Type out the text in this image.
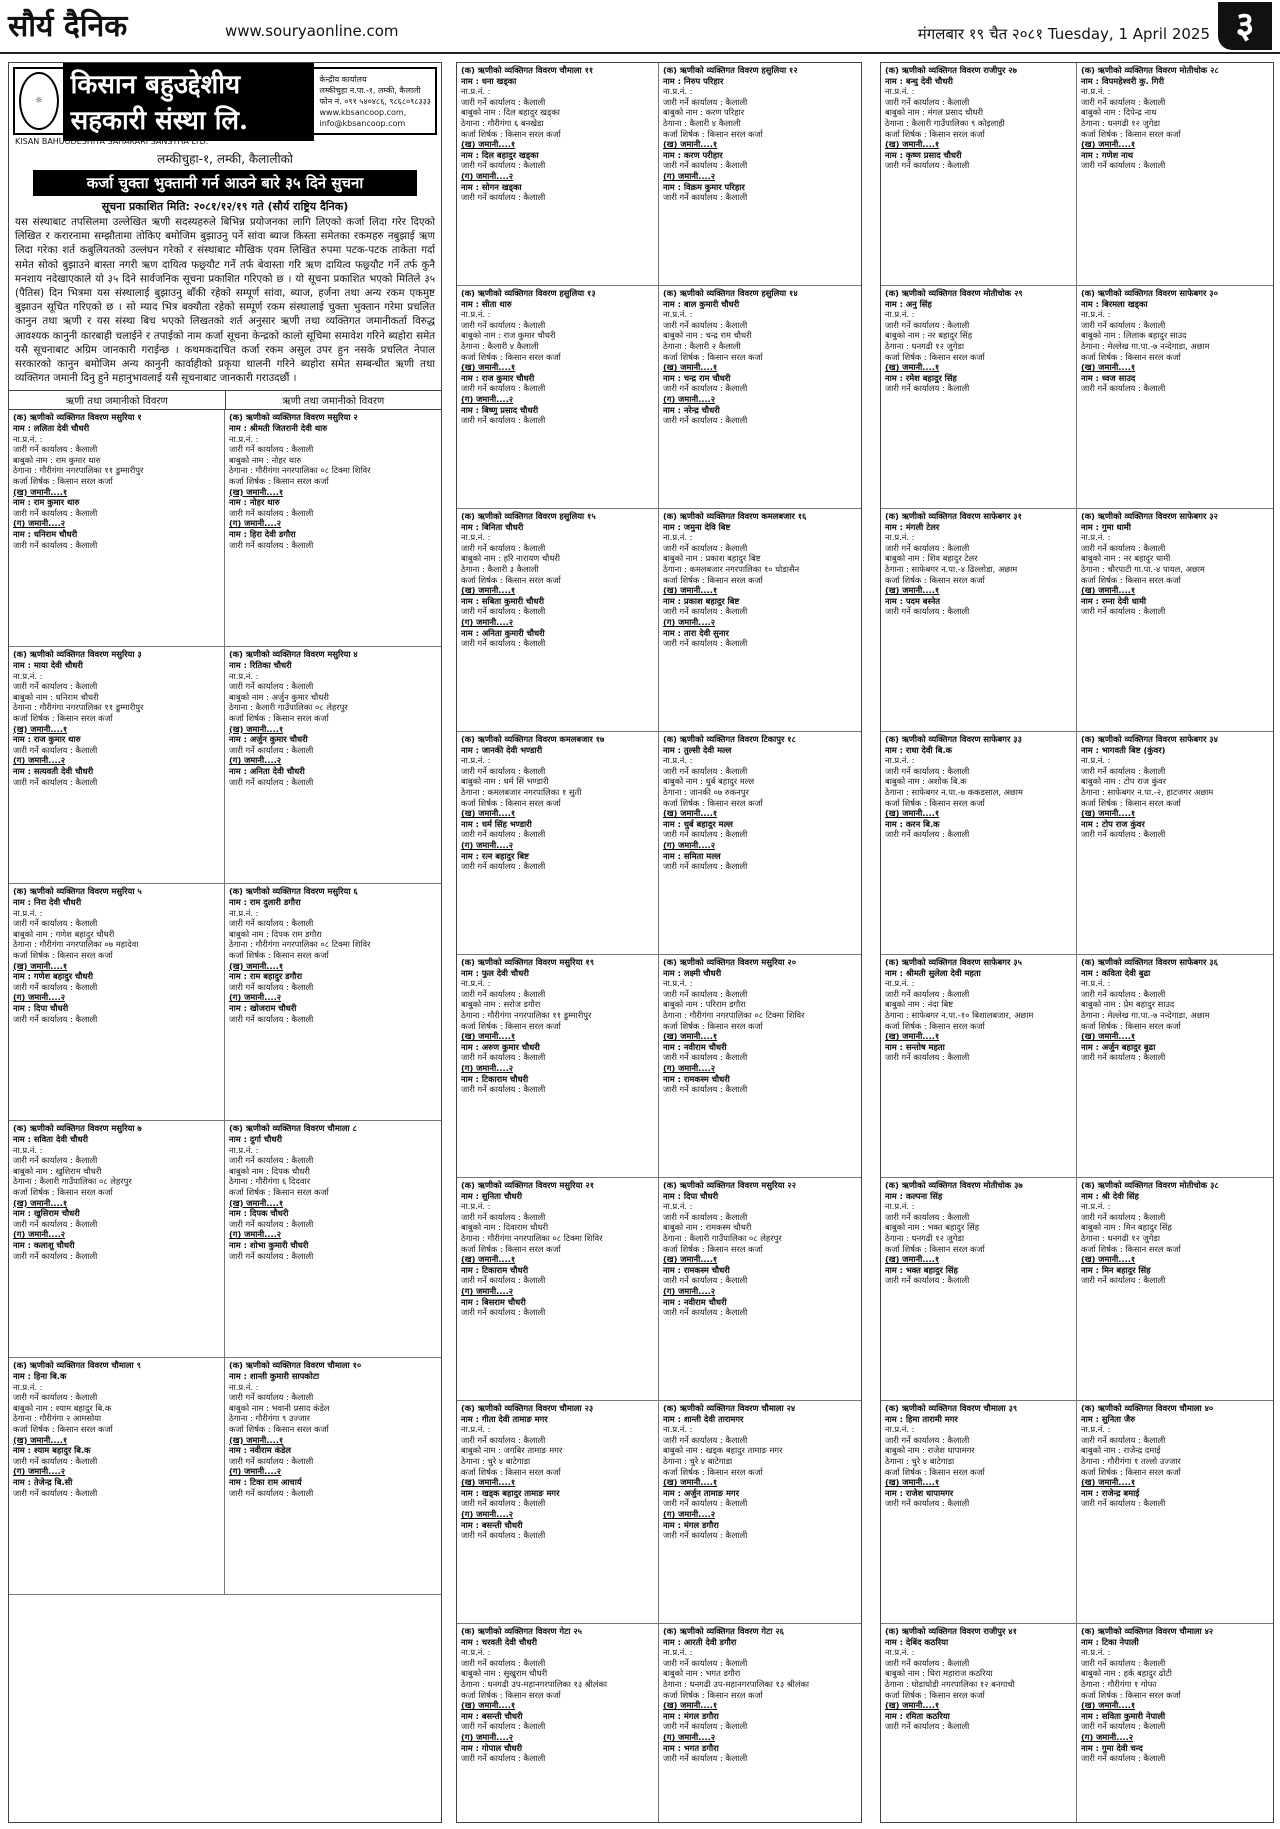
सौर्य दैनिक	www.souryaonline.com	मंगलबार १९ चैत २०८१ Tuesday, 1 April 2025 ३
☼
किसान बहुउद्देशीय सहकारी संस्था लि.
केन्द्रीय कार्यालय
लम्कीचुहा न.पा.-१, लम्की, कैलाली
फोन नं. ०९१ ५४०४८६, ९८६८०९८३३३
www.kbsancoop.com, info@kbsancoop.com
KISAN BAHUUDESHIYA SAHAKARI SANSTHA LTD.
लम्कीचुहा-१, लम्की, कैलालीको
कर्जा चुक्ता भुक्तानी गर्न आउने बारे ३५ दिने सुचना
सूचना प्रकाशित मिति: २०८१/१२/१९ गते (सौर्य राष्ट्रिय दैनिक)
यस संस्थाबाट तपसिलमा उल्लेखित ऋणी सदस्यहरुले बिभिन्न प्रयोजनका लागि लिएको कर्जा लिदा गरेर दिएको लिखित र करारनामा सम्झौतामा तोकिए बमोजिम बुझाउनु पर्ने सांवा ब्याज किस्ता समेतका रकमहरु नबुझाई ऋण लिदा गरेका शर्त कबुलियतको उल्लंघन गरेको र संस्थाबाट मौखिक एवम लिखित रुपमा पटक-पटक ताकेता गर्दा समेत सोको बुझाउने बास्ता नगरी ऋण दायित्व फछ्र्यौट गर्ने तर्फ बेवास्ता गरि ऋण दायित्व फछ्र्यौट गर्ने तर्फ कुनै मनशाय नदेखाएकाले यो ३५ दिने सार्वजनिक सूचना प्रकाशित गरिएको छ । यो सूचना प्रकाशित भएको मितिले ३५ (पैतिस) दिन भित्रमा यस संस्थालाई बुझाउनु बाँकी रहेको सम्पूर्ण सांवा, ब्याज, हर्जना तथा अन्य रकम एकमुष्ट बुझाउन सूचित गरिएको छ । सो म्याद भित्र बक्यौता रहेको सम्पूर्ण रकम संस्थालाई चुक्ता भुक्तान गरेमा प्रचलित कानुन तथा ऋणी र यस संस्था बिच भएको लिखतको शर्त अनुसार ऋणी तथा व्यक्तिगत जमानीकर्ता विरुद्ध आवश्यक कानुनी कारबाही चलाईने र तपाईको नाम कर्जा सूचना केन्द्रको कालो सूचिमा समावेश गरिने ब्यहोरा समेत यसै सूचनाबाट अग्रिम जानकारी गराईन्छ । कथमकदाचित कर्जा रकम असुल उपर हुन नसके प्रचलित नेपाल सरकारको कानुन बमोजिम अन्य कानुनी कार्वाहीको प्रकृया थालनी गरिने ब्यहोरा समेत सम्बन्धीत ऋणी तथा व्यक्तिगत जमानी दिनु हुने महानुभावलाई यसै सूचनाबाट जानकारी गराउदछौं ।
ऋणी तथा जमानीको विवरण	ऋणी तथा जमानीको विवरण
(क) ऋणीको व्यक्तिगत विवरण मसुरिया १
नाम : ललिता देवी चौधरी
ना.प्र.नं. :
जारी गर्ने कार्यालय : कैलाली
बाबुको नाम : राम कुमार थारु
ठेगाना : गौरीगंगा नगरपालिका ११ डुम्मारीपुर
कर्जा शिर्षक : किसान सरल कर्जा
(ख) जमानी....१
नाम : राम कुमार थारु
जारी गर्ने कार्यालय : कैलाली
(ग) जमानी....२
नाम : धनिराम चौधरी
जारी गर्ने कार्यालय : कैलाली
(क) ऋणीको व्यक्तिगत विवरण मसुरिया २
नाम : श्रीमती जितरानी देवी थारु
ना.प्र.नं. :
जारी गर्ने कार्यालय : कैलाली
बाबुको नाम : नोहर थारु
ठेगाना : गौरीगंगा नगरपालिका ०८ टिक्मा शिविर
कर्जा शिर्षक : किसान सरल कर्जा
(ख) जमानी....१
नाम : नोहर थारु
जारी गर्ने कार्यालय : कैलाली
(ग) जमानी....२
नाम : हिरा देवी डगौरा
जारी गर्ने कार्यालय : कैलाली
(क) ऋणीको व्यक्तिगत विवरण मसुरिया ३
नाम : माया देवी चौधरी
ना.प्र.नं. :
जारी गर्ने कार्यालय : कैलाली
बाबुको नाम : धनिराम चौधरी
ठेगाना : गौरीगंगा नगरपालिका ११ डुम्मारीपुर
कर्जा शिर्षक : किसान सरल कर्जा
(ख) जमानी....१
नाम : राज कुमार थारु
जारी गर्ने कार्यालय : कैलाली
(ग) जमानी....२
नाम : सत्यवती देवी चौधरी
जारी गर्ने कार्यालय : कैलाली
(क) ऋणीको व्यक्तिगत विवरण मसुरिया ४
नाम : रितिका चौधरी
ना.प्र.नं. :
जारी गर्ने कार्यालय : कैलाली
बाबुको नाम : अर्जुन कुमार चौधरी
ठेगाना : कैलारी गाउँपालिका ०८ लेहरपुर
कर्जा शिर्षक : किसान सरल कर्जा
(ख) जमानी....१
नाम : अर्जुन कुमार चौधरी
जारी गर्ने कार्यालय : कैलाली
(ग) जमानी....२
नाम : अनिता देवी चौधरी
जारी गर्ने कार्यालय : कैलाली
(क) ऋणीको व्यक्तिगत विवरण मसुरिया ५
नाम : निरा देवी चौधरी
ना.प्र.नं. :
जारी गर्ने कार्यालय : कैलाली
बाबुको नाम : गणेश बहादुर चौधरी
ठेगाना : गौरीगंगा नगरपालिका ०७ महादेवा
कर्जा शिर्षक : किसान सरल कर्जा
(ख) जमानी....१
नाम : गणेश बहादुर चौधरी
जारी गर्ने कार्यालय : कैलाली
(ग) जमानी....२
नाम : दिपा चौधरी
जारी गर्ने कार्यालय : कैलाली
(क) ऋणीको व्यक्तिगत विवरण मसुरिया ६
नाम : राम दुलारी डगौरा
ना.प्र.नं. :
जारी गर्ने कार्यालय : कैलाली
बाबुको नाम : दिपक राम डगौरा
ठेगाना : गौरीगंगा नगरपालिका ०८ टिक्मा शिविर
कर्जा शिर्षक : किसान सरल कर्जा
(ख) जमानी....१
नाम : राम बहादुर डगौरा
जारी गर्ने कार्यालय : कैलाली
(ग) जमानी....२
नाम : खोजराम चौधरी
जारी गर्ने कार्यालय : कैलाली
(क) ऋणीको व्यक्तिगत विवरण मसुरिया ७
नाम : सविता देवी चौधरी
ना.प्र.नं. :
जारी गर्ने कार्यालय : कैलाली
बाबुको नाम : खुशिराम चौधरी
ठेगाना : कैलारी गाउँपालिका ०८ लेहरपुर
कर्जा शिर्षक : किसान सरल कर्जा
(ख) जमानी....१
नाम : खुसिराम चौधरी
जारी गर्ने कार्यालय : कैलाली
(ग) जमानी....२
नाम : कलाशु चौधरी
जारी गर्ने कार्यालय : कैलाली
(क) ऋणीको व्यक्तिगत विवरण चौमाला ८
नाम : दुर्गा चौधरी
ना.प्र.नं. :
जारी गर्ने कार्यालय : कैलाली
बाबुको नाम : दिपक चौधरी
ठेगाना : गौरीगंगा ६ दिदवार
कर्जा शिर्षक : किसान सरल कर्जा
(ख) जमानी....१
नाम : दिपक चौधरी
जारी गर्ने कार्यालय : कैलाली
(ग) जमानी....२
नाम : शोभा कुमारी चौधरी
जारी गर्ने कार्यालय : कैलाली
(क) ऋणीको व्यक्तिगत विवरण चौमाला ९
नाम : हिना बि.क
ना.प्र.नं. :
जारी गर्ने कार्यालय : कैलाली
बाबुको नाम : श्याम बहादुर बि.क
ठेगाना : गौरीगंगा २ आमसोया
कर्जा शिर्षक : किसान सरल कर्जा
(ख) जमानी....१
नाम : श्याम बहादुर बि.क
जारी गर्ने कार्यालय : कैलाली
(ग) जमानी....२
नाम : तेजेन्द्र बि.सी
जारी गर्ने कार्यालय : कैलाली
(क) ऋणीको व्यक्तिगत विवरण चौमाला १०
नाम : शान्ती कुमारी सापकोटा
ना.प्र.नं. :
जारी गर्ने कार्यालय : कैलाली
बाबुको नाम : भवानी प्रसाद कंडेल
ठेगाना : गौरीगंगा ९ उज्जार
कर्जा शिर्षक : किसान सरल कर्जा
(ख) जमानी....१
नाम : नवीराम कंडेल
जारी गर्ने कार्यालय : कैलाली
(ग) जमानी....२
नाम : टिका राम आचार्य
जारी गर्ने कार्यालय : कैलाली
(क) ऋणीको व्यक्तिगत विवरण चौमाला ११
नाम : धना खड्का
ना.प्र.नं. :
जारी गर्ने कार्यालय : कैलाली
बाबुको नाम : दिल बहादुर खड्का
ठेगाना : गौरीगंगा ६ बनखेडा
कर्जा शिर्षक : किसान सरल कर्जा
(ख) जमानी....१
नाम : दिल बहादुर खड्का
जारी गर्ने कार्यालय : कैलाली
(ग) जमानी....२
नाम : सोगन खड्का
जारी गर्ने कार्यालय : कैलाली
(क) ऋणीको व्यक्तिगत विवरण हसुलिया १२
नाम : निरुप परिहार
ना.प्र.नं. :
जारी गर्ने कार्यालय : कैलाली
बाबुको नाम : करण परिहार
ठेगाना : कैलारी ४ कैलाली
कर्जा शिर्षक : किसान सरल कर्जा
(ख) जमानी....१
नाम : करण परीहार
जारी गर्ने कार्यालय : कैलाली
(ग) जमानी....२
नाम : विक्रम कुमार परिहार
जारी गर्ने कार्यालय : कैलाली
(क) ऋणीको व्यक्तिगत विवरण हसुलिया १३
नाम : सीता थारु
ना.प्र.नं. :
जारी गर्ने कार्यालय : कैलाली
बाबुको नाम : राज कुमार चौधरी
ठेगाना : कैलारी ४ कैलाली
कर्जा शिर्षक : किसान सरल कर्जा
(ख) जमानी....१
नाम : राज कुमार चौधरी
जारी गर्ने कार्यालय : कैलाली
(ग) जमानी....२
नाम : बिष्णु प्रसाद चौधरी
जारी गर्ने कार्यालय : कैलाली
(क) ऋणीको व्यक्तिगत विवरण हसुलिया १४
नाम : बाल कुमारी चौधरी
ना.प्र.नं. :
जारी गर्ने कार्यालय : कैलाली
बाबुको नाम : चन्द्र राम चौधरी
ठेगाना : कैलारी २ कैलाली
कर्जा शिर्षक : किसान सरल कर्जा
(ख) जमानी....१
नाम : चन्द्र राम चौधरी
जारी गर्ने कार्यालय : कैलाली
(ग) जमानी....२
नाम : नरेन्द्र चौधरी
जारी गर्ने कार्यालय : कैलाली
(क) ऋणीको व्यक्तिगत विवरण हसुलिया १५
नाम : बिनिता चौधरी
ना.प्र.नं. :
जारी गर्ने कार्यालय : कैलाली
बाबुको नाम : हरि नारायण चौधरी
ठेगाना : कैलारी ३ कैलाली
कर्जा शिर्षक : किसान सरल कर्जा
(ख) जमानी....१
नाम : सबिता कुमारी चौधरी
जारी गर्ने कार्यालय : कैलाली
(ग) जमानी....२
नाम : अनिता कुमारी चौधरी
जारी गर्ने कार्यालय : कैलाली
(क) ऋणीको व्यक्तिगत विवरण कमलबजार १६
नाम : जमुना देवि बिष्ट
ना.प्र.नं. :
जारी गर्ने कार्यालय : कैलाली
बाबुको नाम : प्रकाश बहादुर बिष्ट
ठेगाना : कमलबजार नगरपालिका १० घोडासैन
कर्जा शिर्षक : किसान सरल कर्जा
(ख) जमानी....१
नाम : प्रकाश बहादुर बिष्ट
जारी गर्ने कार्यालय : कैलाली
(ग) जमानी....२
नाम : तारा देवी सुनार
जारी गर्ने कार्यालय : कैलाली
(क) ऋणीको व्यक्तिगत विवरण कमलबजार १७
नाम : जानकी देवी भण्डारी
ना.प्र.नं. :
जारी गर्ने कार्यालय : कैलाली
बाबुको नाम : धर्म सिं भण्डारी
ठेगाना : कमलबजार नगरपालिका १ सुती
कर्जा शिर्षक : किसान सरल कर्जा
(ख) जमानी....१
नाम : धर्म सिंह भण्डारी
जारी गर्ने कार्यालय : कैलाली
(ग) जमानी....२
नाम : रत्न बहादुर बिष्ट
जारी गर्ने कार्यालय : कैलाली
(क) ऋणीको व्यक्तिगत विवरण टिकापुर १८
नाम : तुल्सी देवी मल्ल
ना.प्र.नं. :
जारी गर्ने कार्यालय : कैलाली
बाबुको नाम : धुर्ब बहादुर मल्ल
ठेगाना : जानकी ०७ रुकनपुर
कर्जा शिर्षक : किसान सरल कर्जा
(ख) जमानी....१
नाम : धुर्ब बहादुर मल्ल
जारी गर्ने कार्यालय : कैलाली
(ग) जमानी....२
नाम : समिता मल्ल
जारी गर्ने कार्यालय : कैलाली
(क) ऋणीको व्यक्तिगत विवरण मसुरिया १९
नाम : फुल देवी चौधरी
ना.प्र.नं. :
जारी गर्ने कार्यालय : कैलाली
बाबुको नाम : सरोज डगौरा
ठेगाना : गौरीगंगा नगरपालिका ११ डुम्मारीपुर
कर्जा शिर्षक : किसान सरल कर्जा
(ख) जमानी....१
नाम : अरुण कुमार चौधरी
जारी गर्ने कार्यालय : कैलाली
(ग) जमानी....२
नाम : टिकाराम चौधरी
जारी गर्ने कार्यालय : कैलाली
(क) ऋणीको व्यक्तिगत विवरण मसुरिया २०
नाम : लक्ष्मी चौधरी
ना.प्र.नं. :
जारी गर्ने कार्यालय : कैलाली
बाबुको नाम : परिराम डगौरा
ठेगाना : गौरीगंगा नगरपालिका ०८ टिक्मा शिविर
कर्जा शिर्षक : किसान सरल कर्जा
(ख) जमानी....१
नाम : नवीराम चौधरी
जारी गर्ने कार्यालय : कैलाली
(ग) जमानी....२
नाम : रामकस्म चौधरी
जारी गर्ने कार्यालय : कैलाली
(क) ऋणीको व्यक्तिगत विवरण मसुरिया २१
नाम : सुनिता चौधरी
ना.प्र.नं. :
जारी गर्ने कार्यालय : कैलाली
बाबुको नाम : दिवाराम चौधरी
ठेगाना : गौरीगंगा नगरपालिका ०८ टिक्मा शिविर
कर्जा शिर्षक : किसान सरल कर्जा
(ख) जमानी....१
नाम : टिकाराम चौधरी
जारी गर्ने कार्यालय : कैलाली
(ग) जमानी....२
नाम : बिसराम चौधरी
जारी गर्ने कार्यालय : कैलाली
(क) ऋणीको व्यक्तिगत विवरण मसुरिया २२
नाम : दिपा चौधरी
ना.प्र.नं. :
जारी गर्ने कार्यालय : कैलाली
बाबुको नाम : रामकस्म चौधरी
ठेगाना : कैलारी गाउँपालिका ०८ लेहरपुर
कर्जा शिर्षक : किसान सरल कर्जा
(ख) जमानी....१
नाम : रामकस्म चौधरी
जारी गर्ने कार्यालय : कैलाली
(ग) जमानी....२
नाम : नवीराम चौधरी
जारी गर्ने कार्यालय : कैलाली
(क) ऋणीको व्यक्तिगत विवरण चौमाला २३
नाम : गीता देवी तामाङ मगर
ना.प्र.नं. :
जारी गर्ने कार्यालय : कैलाली
बाबुको नाम : जगबिर तामाङ मगर
ठेगाना : चुरे ४ बाटेगाडा
कर्जा शिर्षक : किसान सरल कर्जा
(ख) जमानी....१
नाम : खड्क बहादुर तामाङ मगर
जारी गर्ने कार्यालय : कैलाली
(ग) जमानी....२
नाम : बसन्ती चौधरी
जारी गर्ने कार्यालय : कैलाली
(क) ऋणीको व्यक्तिगत विवरण चौमाला २४
नाम : शान्ती देवी तारामगर
ना.प्र.नं. :
जारी गर्ने कार्यालय : कैलाली
बाबुको नाम : खड्क बहादुर तामाङ मगर
ठेगाना : चुरे ४ बाटेगाडा
कर्जा शिर्षक : किसान सरल कर्जा
(ख) जमानी....१
नाम : अर्जुन तामाङ मगर
जारी गर्ने कार्यालय : कैलाली
(ग) जमानी....२
नाम : मंगल डगौरा
जारी गर्ने कार्यालय : कैलाली
(क) ऋणीको व्यक्तिगत विवरण गेटा २५
नाम : चरवती देवी चौधरी
ना.प्र.नं. :
जारी गर्ने कार्यालय : कैलाली
बाबुको नाम : सुखुराम चौधरी
ठेगाना : धनगढी उप-महानगरपालिका १३ श्रीलंका
कर्जा शिर्षक : किसान सरल कर्जा
(ख) जमानी....१
नाम : बसन्ती चौधरी
जारी गर्ने कार्यालय : कैलाली
(ग) जमानी....२
नाम : गोपाल चौधरी
जारी गर्ने कार्यालय : कैलाली
(क) ऋणीको व्यक्तिगत विवरण गेटा २६
नाम : आरती देवी डगौरा
ना.प्र.नं. :
जारी गर्ने कार्यालय : कैलाली
बाबुको नाम : भगत डगौरा
ठेगाना : धनगढी उप-महानगरपालिका १३ श्रीलंका
कर्जा शिर्षक : किसान सरल कर्जा
(ख) जमानी....१
नाम : मंगल डगौरा
जारी गर्ने कार्यालय : कैलाली
(ग) जमानी....२
नाम : भगत डगौरा
जारी गर्ने कार्यालय : कैलाली
(क) ऋणीको व्यक्तिगत विवरण राजीपुर २७
नाम : बन्धु देवी चौधरी
ना.प्र.नं. :
जारी गर्ने कार्यालय : कैलाली
बाबुको नाम : मंगल प्रसाद चौधरी
ठेगाना : कैलारी गाउँपालिका ९ कोइलाही
कर्जा शिर्षक : किसान सरल कर्जा
(ख) जमानी....१
नाम : कृष्ण प्रसाद चौधरी
जारी गर्ने कार्यालय : कैलाली
(क) ऋणीको व्यक्तिगत विवरण मोतीचोक २८
नाम : विपमहेश्वरी कु. गिरी
ना.प्र.नं. :
जारी गर्ने कार्यालय : कैलाली
बाबुको नाम : दिपेन्द्र नाथ
ठेगाना : धनगढी १२ जुगेडा
कर्जा शिर्षक : किसान सरल कर्जा
(ख) जमानी....१
नाम : गणेश नाथ
जारी गर्ने कार्यालय : कैलाली
(क) ऋणीको व्यक्तिगत विवरण मोतीचोक २९
नाम : अनु सिंह
ना.प्र.नं. :
जारी गर्ने कार्यालय : कैलाली
बाबुको नाम : नर बहादुर सिंह
ठेगाना : धनगढी १२ जुगेडा
कर्जा शिर्षक : किसान सरल कर्जा
(ख) जमानी....१
नाम : रमेश बहादुर सिंह
जारी गर्ने कार्यालय : कैलाली
(क) ऋणीको व्यक्तिगत विवरण साफेबगर ३०
नाम : बिरमला खड्का
ना.प्र.नं. :
जारी गर्ने कार्यालय : कैलाली
बाबुको नाम : लिलाक बहादुर साउद
ठेगाना : मेल्लेख गा.पा.-७ नन्देगाडा, अछाम
कर्जा शिर्षक : किसान सरल कर्जा
(ख) जमानी....१
नाम : ध्वज साउद
जारी गर्ने कार्यालय : कैलाली
(क) ऋणीको व्यक्तिगत विवरण साफेबगर ३१
नाम : मंगली टेलर
ना.प्र.नं. :
जारी गर्ने कार्यालय : कैलाली
बाबुको नाम : शिव बहादुर टेलर
ठेगाना : साफेबगर न.पा.-४ ढिल्लोडा, अछाम
कर्जा शिर्षक : किसान सरल कर्जा
(ख) जमानी....१
नाम : पदम बस्नेत
जारी गर्ने कार्यालय : कैलाली
(क) ऋणीको व्यक्तिगत विवरण साफेबगर ३२
नाम : गुमा धामी
ना.प्र.नं. :
जारी गर्ने कार्यालय : कैलाली
बाबुको नाम : नर बहादुर धामी
ठेगाना : चौरपाटी गा.पा.-४ पायल, अछाम
कर्जा शिर्षक : किसान सरल कर्जा
(ख) जमानी....१
नाम : रम्ना देवी धामी
जारी गर्ने कार्यालय : कैलाली
(क) ऋणीको व्यक्तिगत विवरण साफेबगर ३३
नाम : राधा देवी बि.क
ना.प्र.नं. :
जारी गर्ने कार्यालय : कैलाली
बाबुको नाम : अशोक बि.क
ठेगाना : साफेबगर न.पा.-७ ककडसाल, अछाम
कर्जा शिर्षक : किसान सरल कर्जा
(ख) जमानी....१
नाम : करन बि.क
जारी गर्ने कार्यालय : कैलाली
(क) ऋणीको व्यक्तिगत विवरण साफेबगर ३४
नाम : भागवती बिष्ट (कुंवर)
ना.प्र.नं. :
जारी गर्ने कार्यालय : कैलाली
बाबुको नाम : टोप राज कुंवर
ठेगाना : साफेबगर न.पा.-२, हाटजगर अछाम
कर्जा शिर्षक : किसान सरल कर्जा
(ख) जमानी....१
नाम : टोप राज कुंवर
जारी गर्ने कार्यालय : कैलाली
(क) ऋणीको व्यक्तिगत विवरण साफेबगर ३५
नाम : श्रीमती सुलेला देवी महता
ना.प्र.नं. :
जारी गर्ने कार्यालय : कैलाली
बाबुको नाम : नंदा बिष्ट
ठेगाना : साफेबगर न.पा.-१० बिशालबजार, अछाम
कर्जा शिर्षक : किसान सरल कर्जा
(ख) जमानी....१
नाम : सन्तोष महता
जारी गर्ने कार्यालय : कैलाली
(क) ऋणीको व्यक्तिगत विवरण साफेबगर ३६
नाम : कविता देवी बुढा
ना.प्र.नं. :
जारी गर्ने कार्यालय : कैलाली
बाबुको नाम : प्रेम बहादुर साउद
ठेगाना : मेल्लेख गा.पा.-७ नन्देगाडा, अछाम
कर्जा शिर्षक : किसान सरल कर्जा
(ख) जमानी....१
नाम : अर्जुन बहादुर बुढा
जारी गर्ने कार्यालय : कैलाली
(क) ऋणीको व्यक्तिगत विवरण मोतीचोक ३७
नाम : कल्पना सिंह
ना.प्र.नं. :
जारी गर्ने कार्यालय : कैलाली
बाबुको नाम : भक्त बहादुर सिंह
ठेगाना : धनगढी १२ जुगेडा
कर्जा शिर्षक : किसान सरल कर्जा
(ख) जमानी....१
नाम : भक्त बहादुर सिंह
जारी गर्ने कार्यालय : कैलाली
(क) ऋणीको व्यक्तिगत विवरण मोतीचोक ३८
नाम : श्री देवी सिंह
ना.प्र.नं. :
जारी गर्ने कार्यालय : कैलाली
बाबुको नाम : मिन बहादुर सिंह
ठेगाना : धनगढी १२ जुगेडा
कर्जा शिर्षक : किसान सरल कर्जा
(ख) जमानी....१
नाम : मिन बहादुर सिंह
जारी गर्ने कार्यालय : कैलाली
(क) ऋणीको व्यक्तिगत विवरण चौमाला ३९
नाम : हिमा तारामी मगर
ना.प्र.नं. :
जारी गर्ने कार्यालय : कैलाली
बाबुको नाम : राजेश धापामगर
ठेगाना : चुरे ४ बाटेगाडा
कर्जा शिर्षक : किसान सरल कर्जा
(ख) जमानी....१
नाम : राजेश धापामगर
जारी गर्ने कार्यालय : कैलाली
(क) ऋणीको व्यक्तिगत विवरण चौमाला ४०
नाम : सुनिता जैरु
ना.प्र.नं. :
जारी गर्ने कार्यालय : कैलाली
बाबुको नाम : राजेन्द्र दमाई
ठेगाना : गौरीगंगा १ तल्लो उज्जार
कर्जा शिर्षक : किसान सरल कर्जा
(ख) जमानी....१
नाम : राजेन्द्र बमाई
जारी गर्ने कार्यालय : कैलाली
(क) ऋणीको व्यक्तिगत विवरण राजीपुर ४१
नाम : देबिंद कठरिया
ना.प्र.नं. :
जारी गर्ने कार्यालय : कैलाली
बाबुको नाम : धिरा महाराज कठरिया
ठेगाना : घोडाघोडी नगरपालिका १२ बनगाचौ
कर्जा शिर्षक : किसान सरल कर्जा
(ख) जमानी....१
नाम : रमिता कठरिया
जारी गर्ने कार्यालय : कैलाली
(क) ऋणीको व्यक्तिगत विवरण चौमाला ४२
नाम : टिका नेपाली
ना.प्र.नं. :
जारी गर्ने कार्यालय : कैलाली
बाबुको नाम : हर्क बहादुर ढोटी
ठेगाना : गौरीगंगा १ गोफा
कर्जा शिर्षक : किसान सरल कर्जा
(ख) जमानी....१
नाम : सविता कुमारी नेपाली
जारी गर्ने कार्यालय : कैलाली
(ग) जमानी....२
नाम : गुमा देवी चन्द
जारी गर्ने कार्यालय : कैलाली
